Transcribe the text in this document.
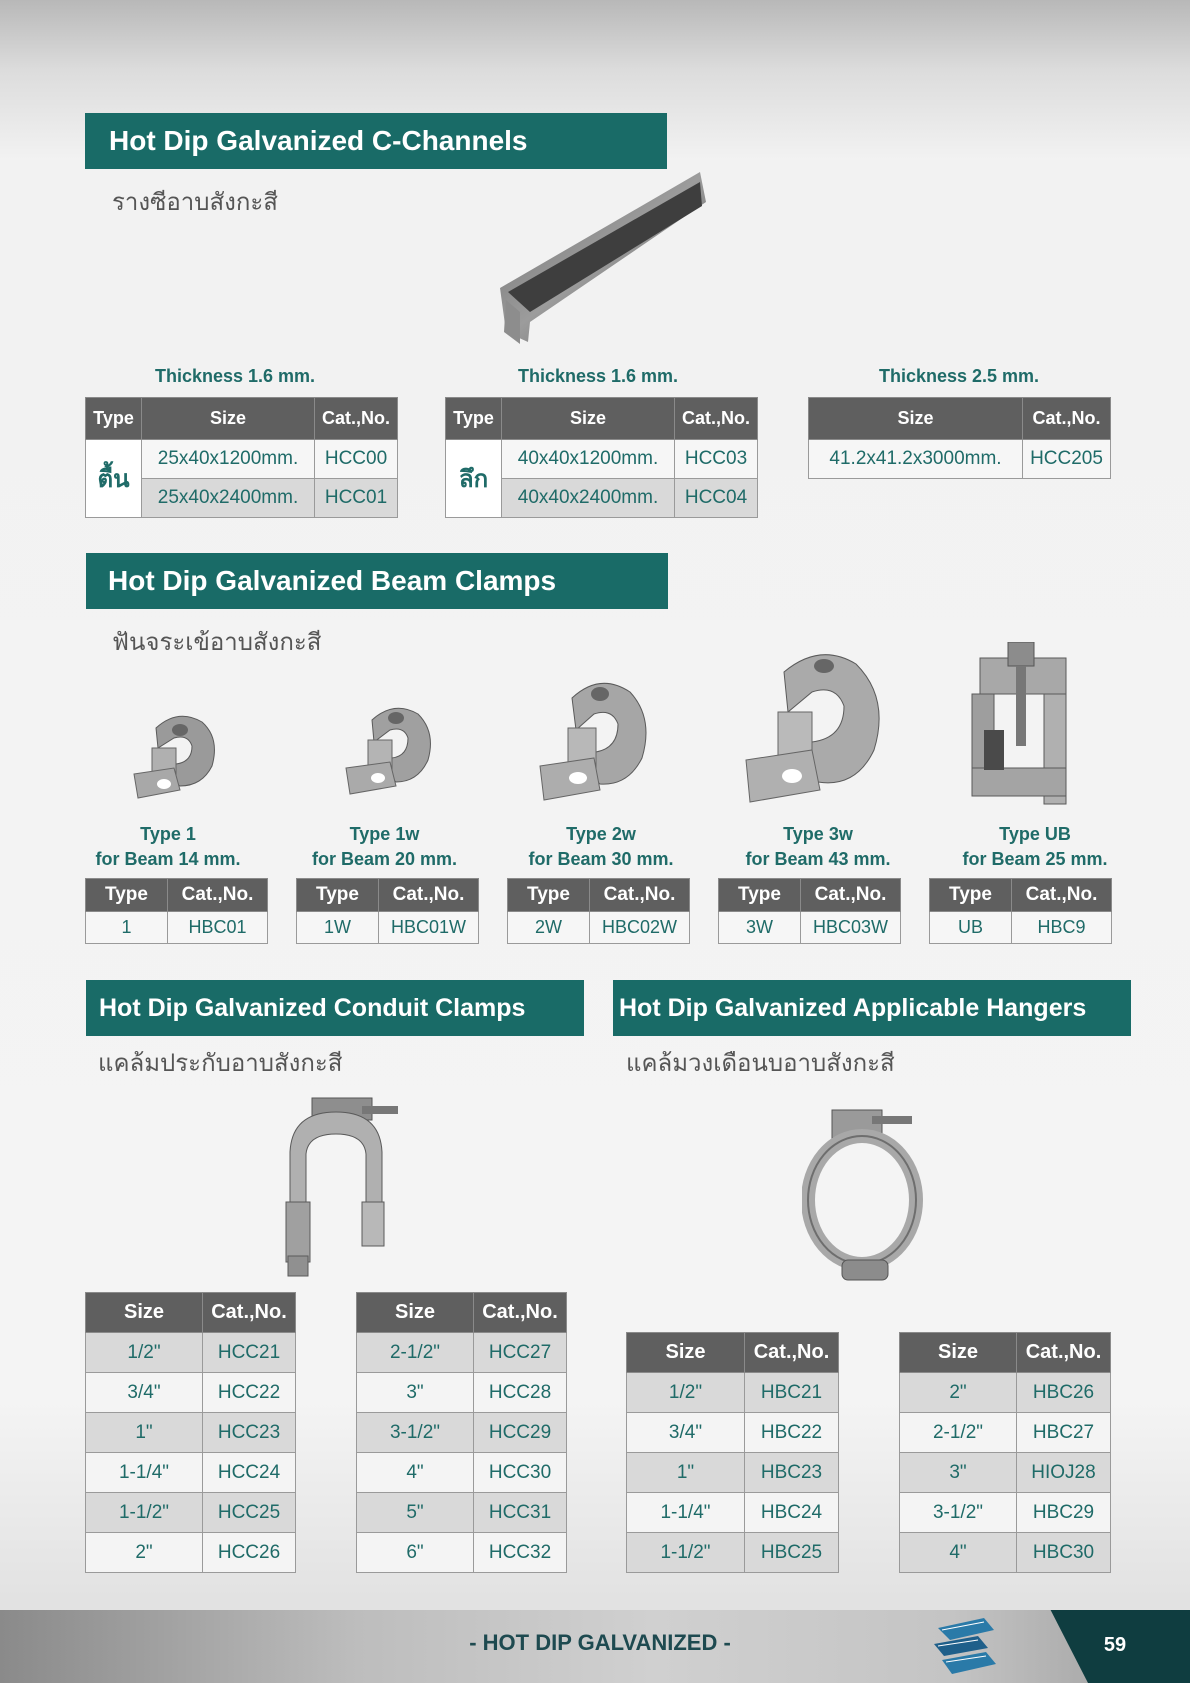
Hot Dip Galvanized C-Channels
รางซีอาบสังกะสี
Thickness 1.6 mm.	Thickness 1.6 mm.	Thickness 2.5 mm.
Type	Size	Cat.,No.
ตื้น	25x40x1200mm.	HCC00
	25x40x2400mm.	HCC01
Type	Size	Cat.,No.
ลึก	40x40x1200mm.	HCC03
	40x40x2400mm.	HCC04
Size	Cat.,No.
41.2x41.2x3000mm.	HCC205
Hot Dip Galvanized Beam Clamps
ฟันจระเข้อาบสังกะสี
Type 1
for Beam 14 mm.
Type 1w
for Beam 20 mm.
Type 2w
for Beam 30 mm.
Type 3w
for Beam 43 mm.
Type UB
for Beam 25 mm.
Type	Cat.,No.
1	HBC01
Type	Cat.,No.
1W	HBC01W
Type	Cat.,No.
2W	HBC02W
Type	Cat.,No.
3W	HBC03W
Type	Cat.,No.
UB	HBC9
Hot Dip Galvanized Conduit Clamps
แคล้มประกับอาบสังกะสี
Hot Dip Galvanized Applicable Hangers
แคล้มวงเดือนบอาบสังกะสี
Size	Cat.,No.
1/2"	HCC21
3/4"	HCC22
1"	HCC23
1-1/4"	HCC24
1-1/2"	HCC25
2"	HCC26
Size	Cat.,No.
2-1/2"	HCC27
3"	HCC28
3-1/2"	HCC29
4"	HCC30
5"	HCC31
6"	HCC32
Size	Cat.,No.
1/2"	HBC21
3/4"	HBC22
1"	HBC23
1-1/4"	HBC24
1-1/2"	HBC25
Size	Cat.,No.
2"	HBC26
2-1/2"	HBC27
3"	HIOJ28
3-1/2"	HBC29
4"	HBC30
- HOT DIP GALVANIZED -	59
